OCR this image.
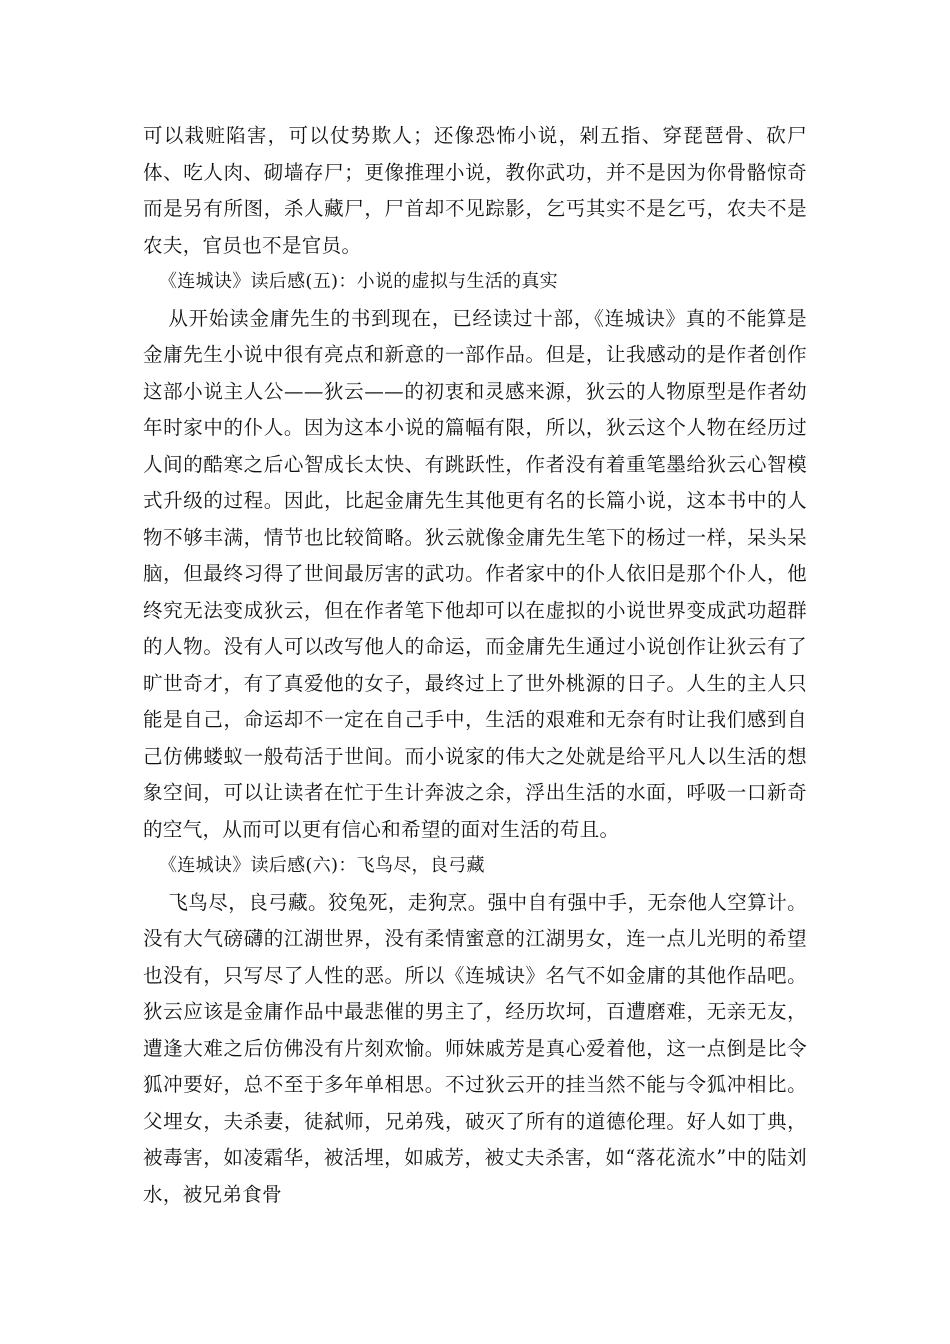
可以栽赃陷害，可以仗势欺人；还像恐怖小说，剁五指、穿琵琶骨、砍尸体、吃人肉、砌墙存尸；更像推理小说，教你武功，并不是因为你骨骼惊奇而是另有所图，杀人藏尸，尸首却不见踪影，乞丐其实不是乞丐，农夫不是农夫，官员也不是官员。

《连城诀》读后感(五)：小说的虚拟与生活的真实

从开始读金庸先生的书到现在，已经读过十部，《连城诀》真的不能算是金庸先生小说中很有亮点和新意的一部作品。但是，让我感动的是作者创作这部小说主人公——狄云——的初衷和灵感来源，狄云的人物原型是作者幼年时家中的仆人。因为这本小说的篇幅有限，所以，狄云这个人物在经历过人间的酷寒之后心智成长太快、有跳跃性，作者没有着重笔墨给狄云心智模式升级的过程。因此，比起金庸先生其他更有名的长篇小说，这本书中的人物不够丰满，情节也比较简略。狄云就像金庸先生笔下的杨过一样，呆头呆脑，但最终习得了世间最厉害的武功。作者家中的仆人依旧是那个仆人，他终究无法变成狄云，但在作者笔下他却可以在虚拟的小说世界变成武功超群的人物。没有人可以改写他人的命运，而金庸先生通过小说创作让狄云有了旷世奇才，有了真爱他的女子，最终过上了世外桃源的日子。人生的主人只能是自己，命运却不一定在自己手中，生活的艰难和无奈有时让我们感到自己仿佛蝼蚁一般苟活于世间。而小说家的伟大之处就是给平凡人以生活的想象空间，可以让读者在忙于生计奔波之余，浮出生活的水面，呼吸一口新奇的空气，从而可以更有信心和希望的面对生活的苟且。

《连城诀》读后感(六)：飞鸟尽，良弓藏

飞鸟尽，良弓藏。狡兔死，走狗烹。强中自有强中手，无奈他人空算计。没有大气磅礴的江湖世界，没有柔情蜜意的江湖男女，连一点儿光明的希望也没有，只写尽了人性的恶。所以《连城诀》名气不如金庸的其他作品吧。 狄云应该是金庸作品中最悲催的男主了，经历坎坷，百遭磨难，无亲无友，遭逢大难之后仿佛没有片刻欢愉。师妹戚芳是真心爱着他，这一点倒是比令狐冲要好，总不至于多年单相思。不过狄云开的挂当然不能与令狐冲相比。 父埋女，夫杀妻，徒弑师，兄弟残，破灭了所有的道德伦理。好人如丁典，被毒害，如凌霜华，被活埋，如戚芳，被丈夫杀害，如“落花流水”中的陆刘水，被兄弟食骨
